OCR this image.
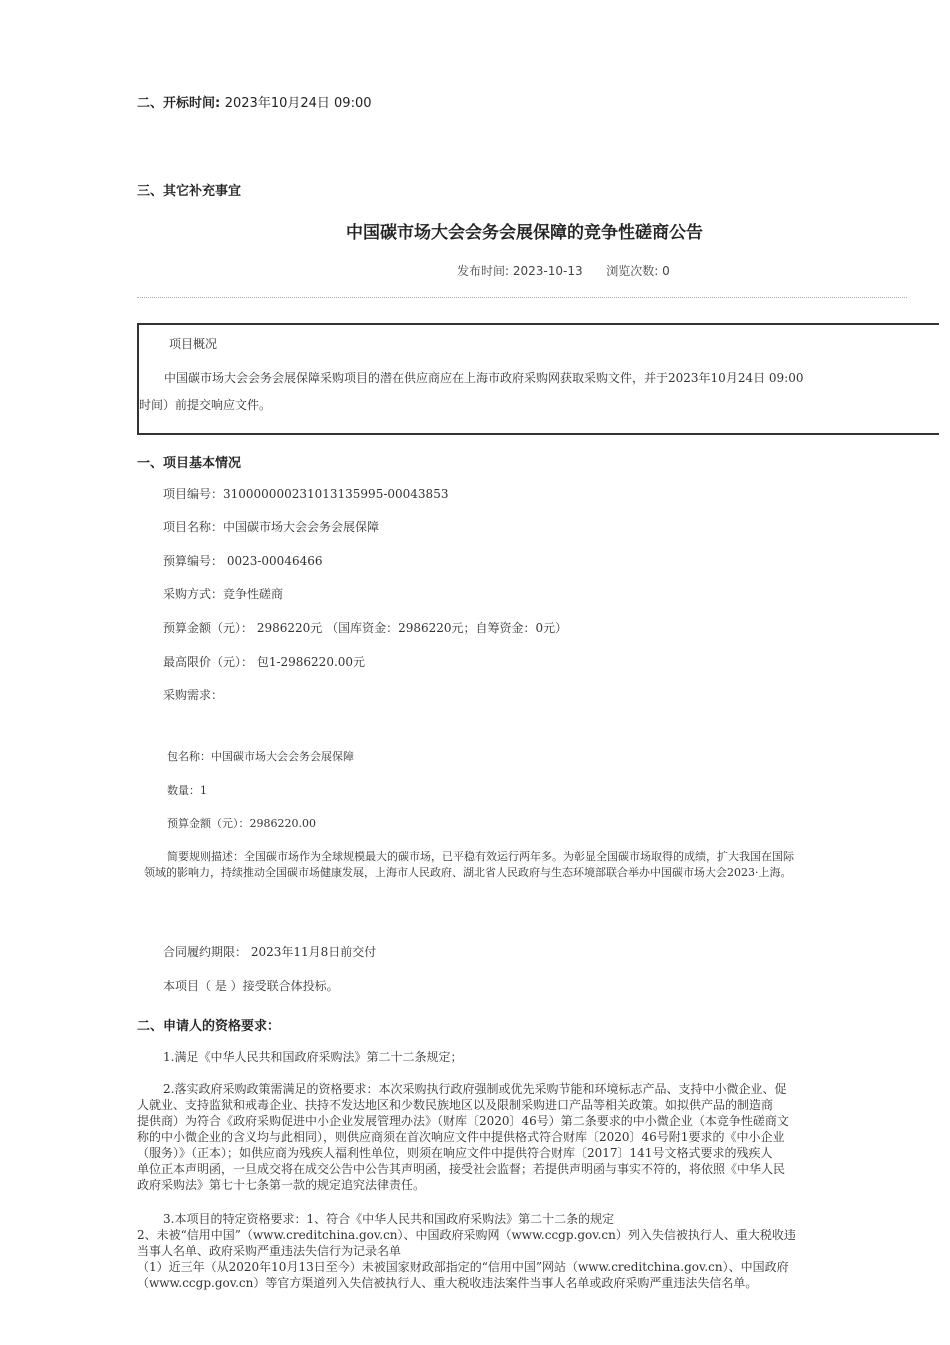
二、开标时间: 2023年10月24日 09:00
三、其它补充事宜
中国碳市场大会会务会展保障的竞争性磋商公告
发布时间: 2023-10-13 浏览次数: 0
项目概况
中国碳市场大会会务会展保障采购项目的潜在供应商应在上海市政府采购网获取采购文件，并于2023年10月24日 09:00
时间）前提交响应文件。
一、项目基本情况
项目编号：310000000231013135995-00043853
项目名称：中国碳市场大会会务会展保障
预算编号： 0023-00046466
采购方式：竞争性磋商
预算金额（元）： 2986220元 （国库资金：2986220元；自筹资金：0元）
最高限价（元）： 包1-2986220.00元
采购需求：
包名称：中国碳市场大会会务会展保障
数量：1
预算金额（元）：2986220.00
简要规则描述：全国碳市场作为全球规模最大的碳市场，已平稳有效运行两年多。为彰显全国碳市场取得的成绩，扩大我国在国际
领域的影响力，持续推动全国碳市场健康发展，上海市人民政府、湖北省人民政府与生态环境部联合举办中国碳市场大会2023·上海。
合同履约期限： 2023年11月8日前交付
本项目（ 是 ）接受联合体投标。
二、申请人的资格要求：
1.满足《中华人民共和国政府采购法》第二十二条规定；
2.落实政府采购政策需满足的资格要求：本次采购执行政府强制或优先采购节能和环境标志产品、支持中小微企业、促
人就业、支持监狱和戒毒企业、扶持不发达地区和少数民族地区以及限制采购进口产品等相关政策。如拟供产品的制造商
提供商）为符合《政府采购促进中小企业发展管理办法》（财库〔2020〕46号）第二条要求的中小微企业（本竞争性磋商文
称的中小微企业的含义均与此相同），则供应商须在首次响应文件中提供格式符合财库〔2020〕46号附1要求的《中小企业
（服务）》（正本）；如供应商为残疾人福利性单位，则须在响应文件中提供符合财库〔2017〕141号文格式要求的残疾人
单位正本声明函，一旦成交将在成交公告中公告其声明函，接受社会监督；若提供声明函与事实不符的，将依照《中华人民
政府采购法》第七十七条第一款的规定追究法律责任。
3.本项目的特定资格要求：1、符合《中华人民共和国政府采购法》第二十二条的规定
2、未被“信用中国”（www.creditchina.gov.cn）、中国政府采购网（www.ccgp.gov.cn）列入失信被执行人、重大税收违
当事人名单、政府采购严重违法失信行为记录名单
（1）近三年（从2020年10月13日至今）未被国家财政部指定的“信用中国”网站（www.creditchina.gov.cn）、中国政府
（www.ccgp.gov.cn）等官方渠道列入失信被执行人、重大税收违法案件当事人名单或政府采购严重违法失信名单。
